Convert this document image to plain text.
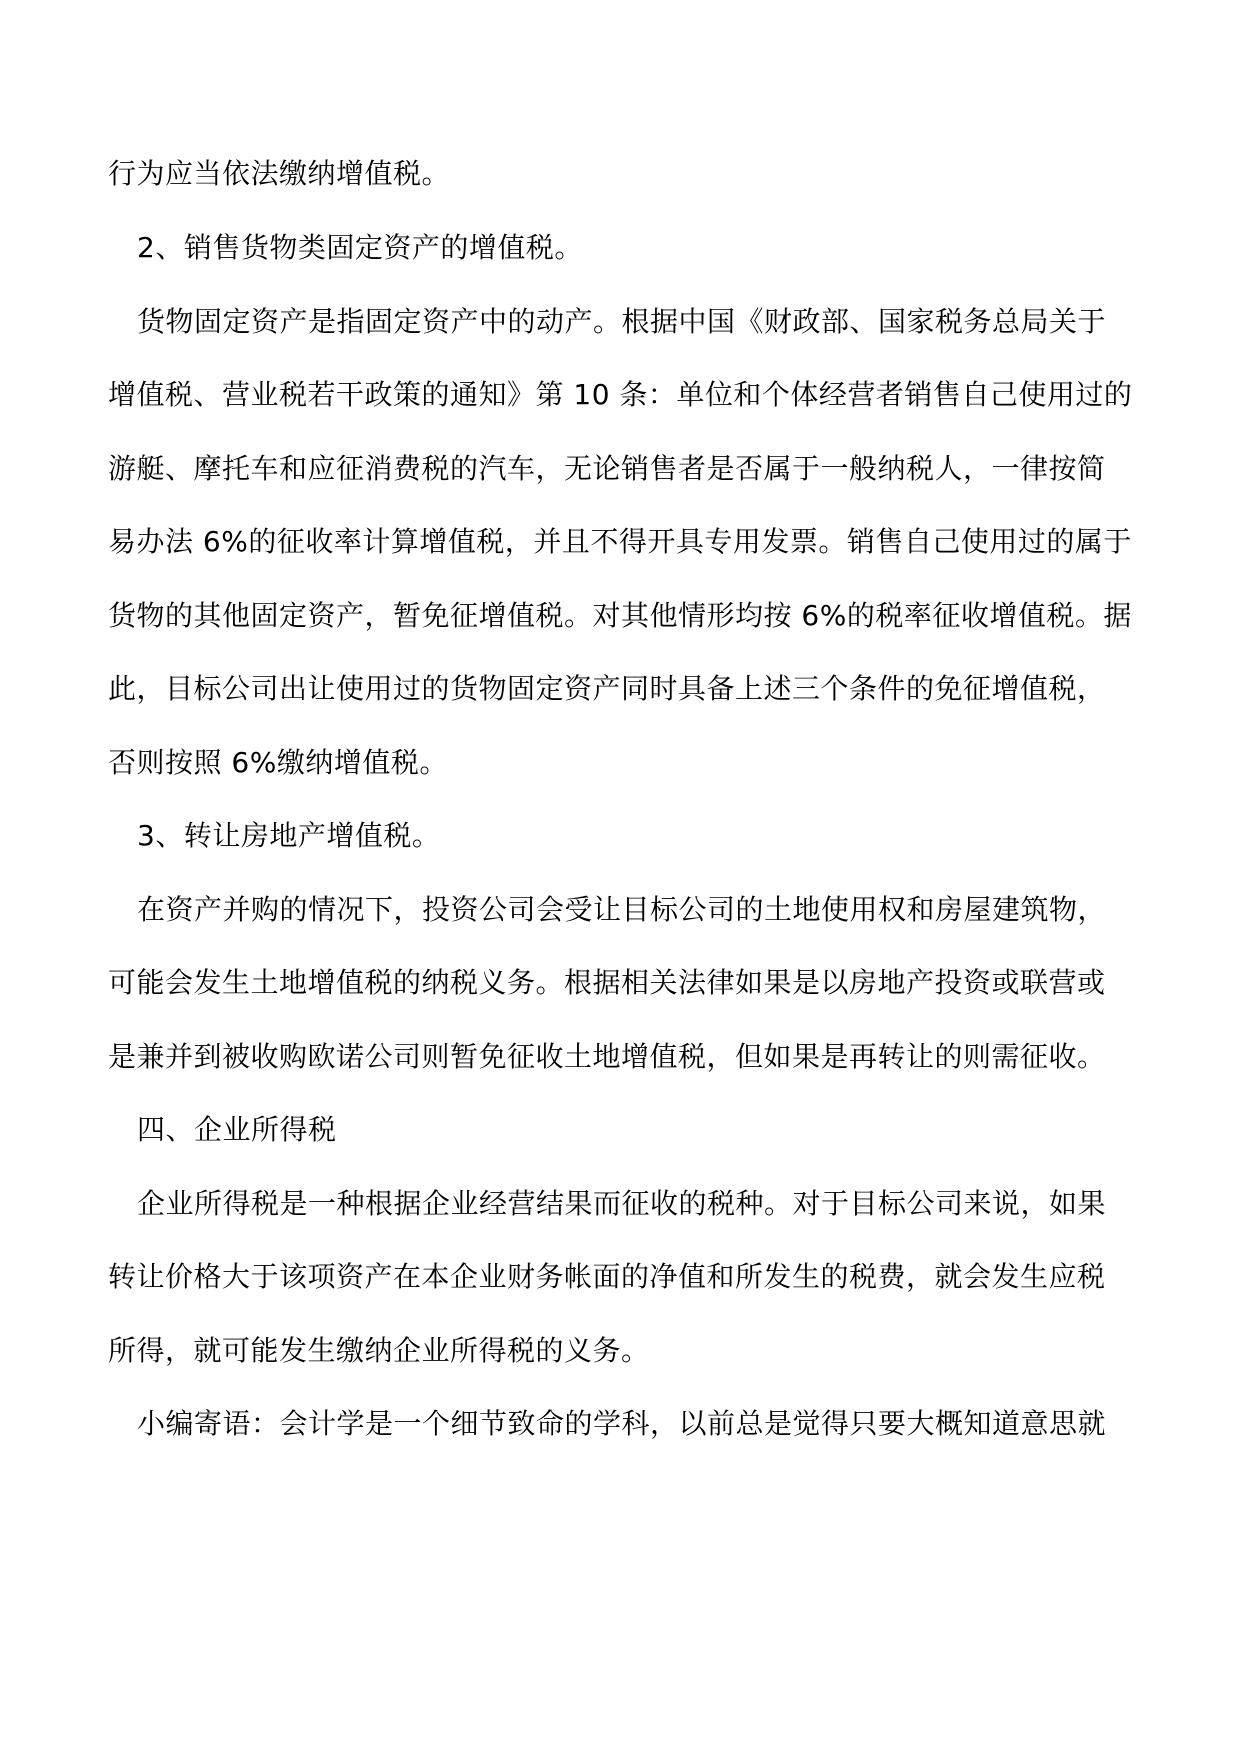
行为应当依法缴纳增值税。
2、销售货物类固定资产的增值税。
货物固定资产是指固定资产中的动产。根据中国《财政部、国家税务总局关于
增值税、营业税若干政策的通知》第 10 条：单位和个体经营者销售自己使用过的
游艇、摩托车和应征消费税的汽车，无论销售者是否属于一般纳税人，一律按简
易办法 6%的征收率计算增值税，并且不得开具专用发票。销售自己使用过的属于
货物的其他固定资产，暂免征增值税。对其他情形均按 6%的税率征收增值税。据
此，目标公司出让使用过的货物固定资产同时具备上述三个条件的免征增值税，
否则按照 6%缴纳增值税。
3、转让房地产增值税。
在资产并购的情况下，投资公司会受让目标公司的土地使用权和房屋建筑物，
可能会发生土地增值税的纳税义务。根据相关法律如果是以房地产投资或联营或
是兼并到被收购欧诺公司则暂免征收土地增值税，但如果是再转让的则需征收。
四、企业所得税
企业所得税是一种根据企业经营结果而征收的税种。对于目标公司来说，如果
转让价格大于该项资产在本企业财务帐面的净值和所发生的税费，就会发生应税
所得，就可能发生缴纳企业所得税的义务。
小编寄语：会计学是一个细节致命的学科，以前总是觉得只要大概知道意思就
